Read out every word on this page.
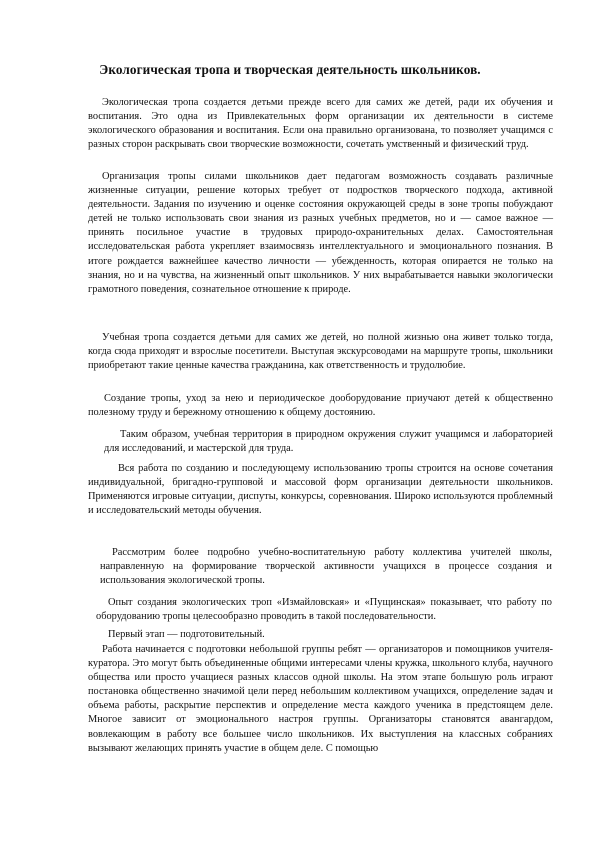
Экологическая тропа и творческая деятельность школьников.

Экологическая тропа создается детьми прежде всего для самих же детей, ради их обучения и воспитания. Это одна из Привлекательных форм организации их деятельности в системе экологического образования и воспитания. Если она правильно организована, то позволяет учащимся с разных сторон раскрывать свои творческие возможности, сочетать умственный и физический труд.

Организация тропы силами школьников дает педагогам возможность создавать различные жизненные ситуации, решение которых требует от подростков творческого подхода, активной деятельности. Задания по изучению и оценке состояния окружающей среды в зоне тропы побуждают детей не только использовать свои знания из разных учебных предметов, но и — самое важное — принять посильное участие в трудовых природо-охранительных делах. Самостоятельная исследовательская работа укрепляет взаимосвязь интеллектуального и эмоционального познания. В итоге рождается важнейшее качество личности — убежденность, которая опирается не только на знания, но и на чувства, на жизненный опыт школьников. У них вырабатывается навыки экологически грамотного поведения, сознательное отношение к природе.

Учебная тропа создается детьми для самих же детей, но полной жизнью она живет только тогда, когда сюда приходят и взрослые посетители. Выступая экскурсоводами на маршруте тропы, школьники приобретают такие ценные качества гражданина, как ответственность и трудолюбие.

Создание тропы, уход за нею и периодическое дооборудование приучают детей к общественно полезному труду и бережному отношению к общему достоянию.

Таким образом, учебная территория в природном окружения служит учащимся и лабораторией для исследований, и мастерской для труда.

Вся работа по созданию и последующему использованию тропы строится на основе сочетания индивидуальной, бригадно-групповой и массовой форм организации деятельности школьников. Применяются игровые ситуации, диспуты, конкурсы, соревнования. Широко используются проблемный и исследовательский методы обучения.

Рассмотрим более подробно учебно-воспитательную работу коллектива учителей школы, направленную на формирование творческой активности учащихся в процессе создания и использования экологической тропы.

Опыт создания экологических троп «Измайловская» и «Пущинская» показывает, что работу по оборудованию тропы целесообразно проводить в такой последовательности.

Первый этап — подготовительный.

Работа начинается с подготовки небольшой группы ребят — организаторов и помощников учителя-куратора. Это могут быть объединенные общими интересами члены кружка, школьного клуба, научного общества или просто учащиеся разных классов одной школы. На этом этапе большую роль играют постановка общественно значимой цели перед небольшим коллективом учащихся, определение задач и объема работы, раскрытие перспектив и определение места каждого ученика в предстоящем деле. Многое зависит от эмоционального настроя группы. Организаторы становятся авангардом, вовлекающим в работу все большее число школьников. Их выступления на классных собраниях вызывают желающих принять участие в общем деле. С помощью
